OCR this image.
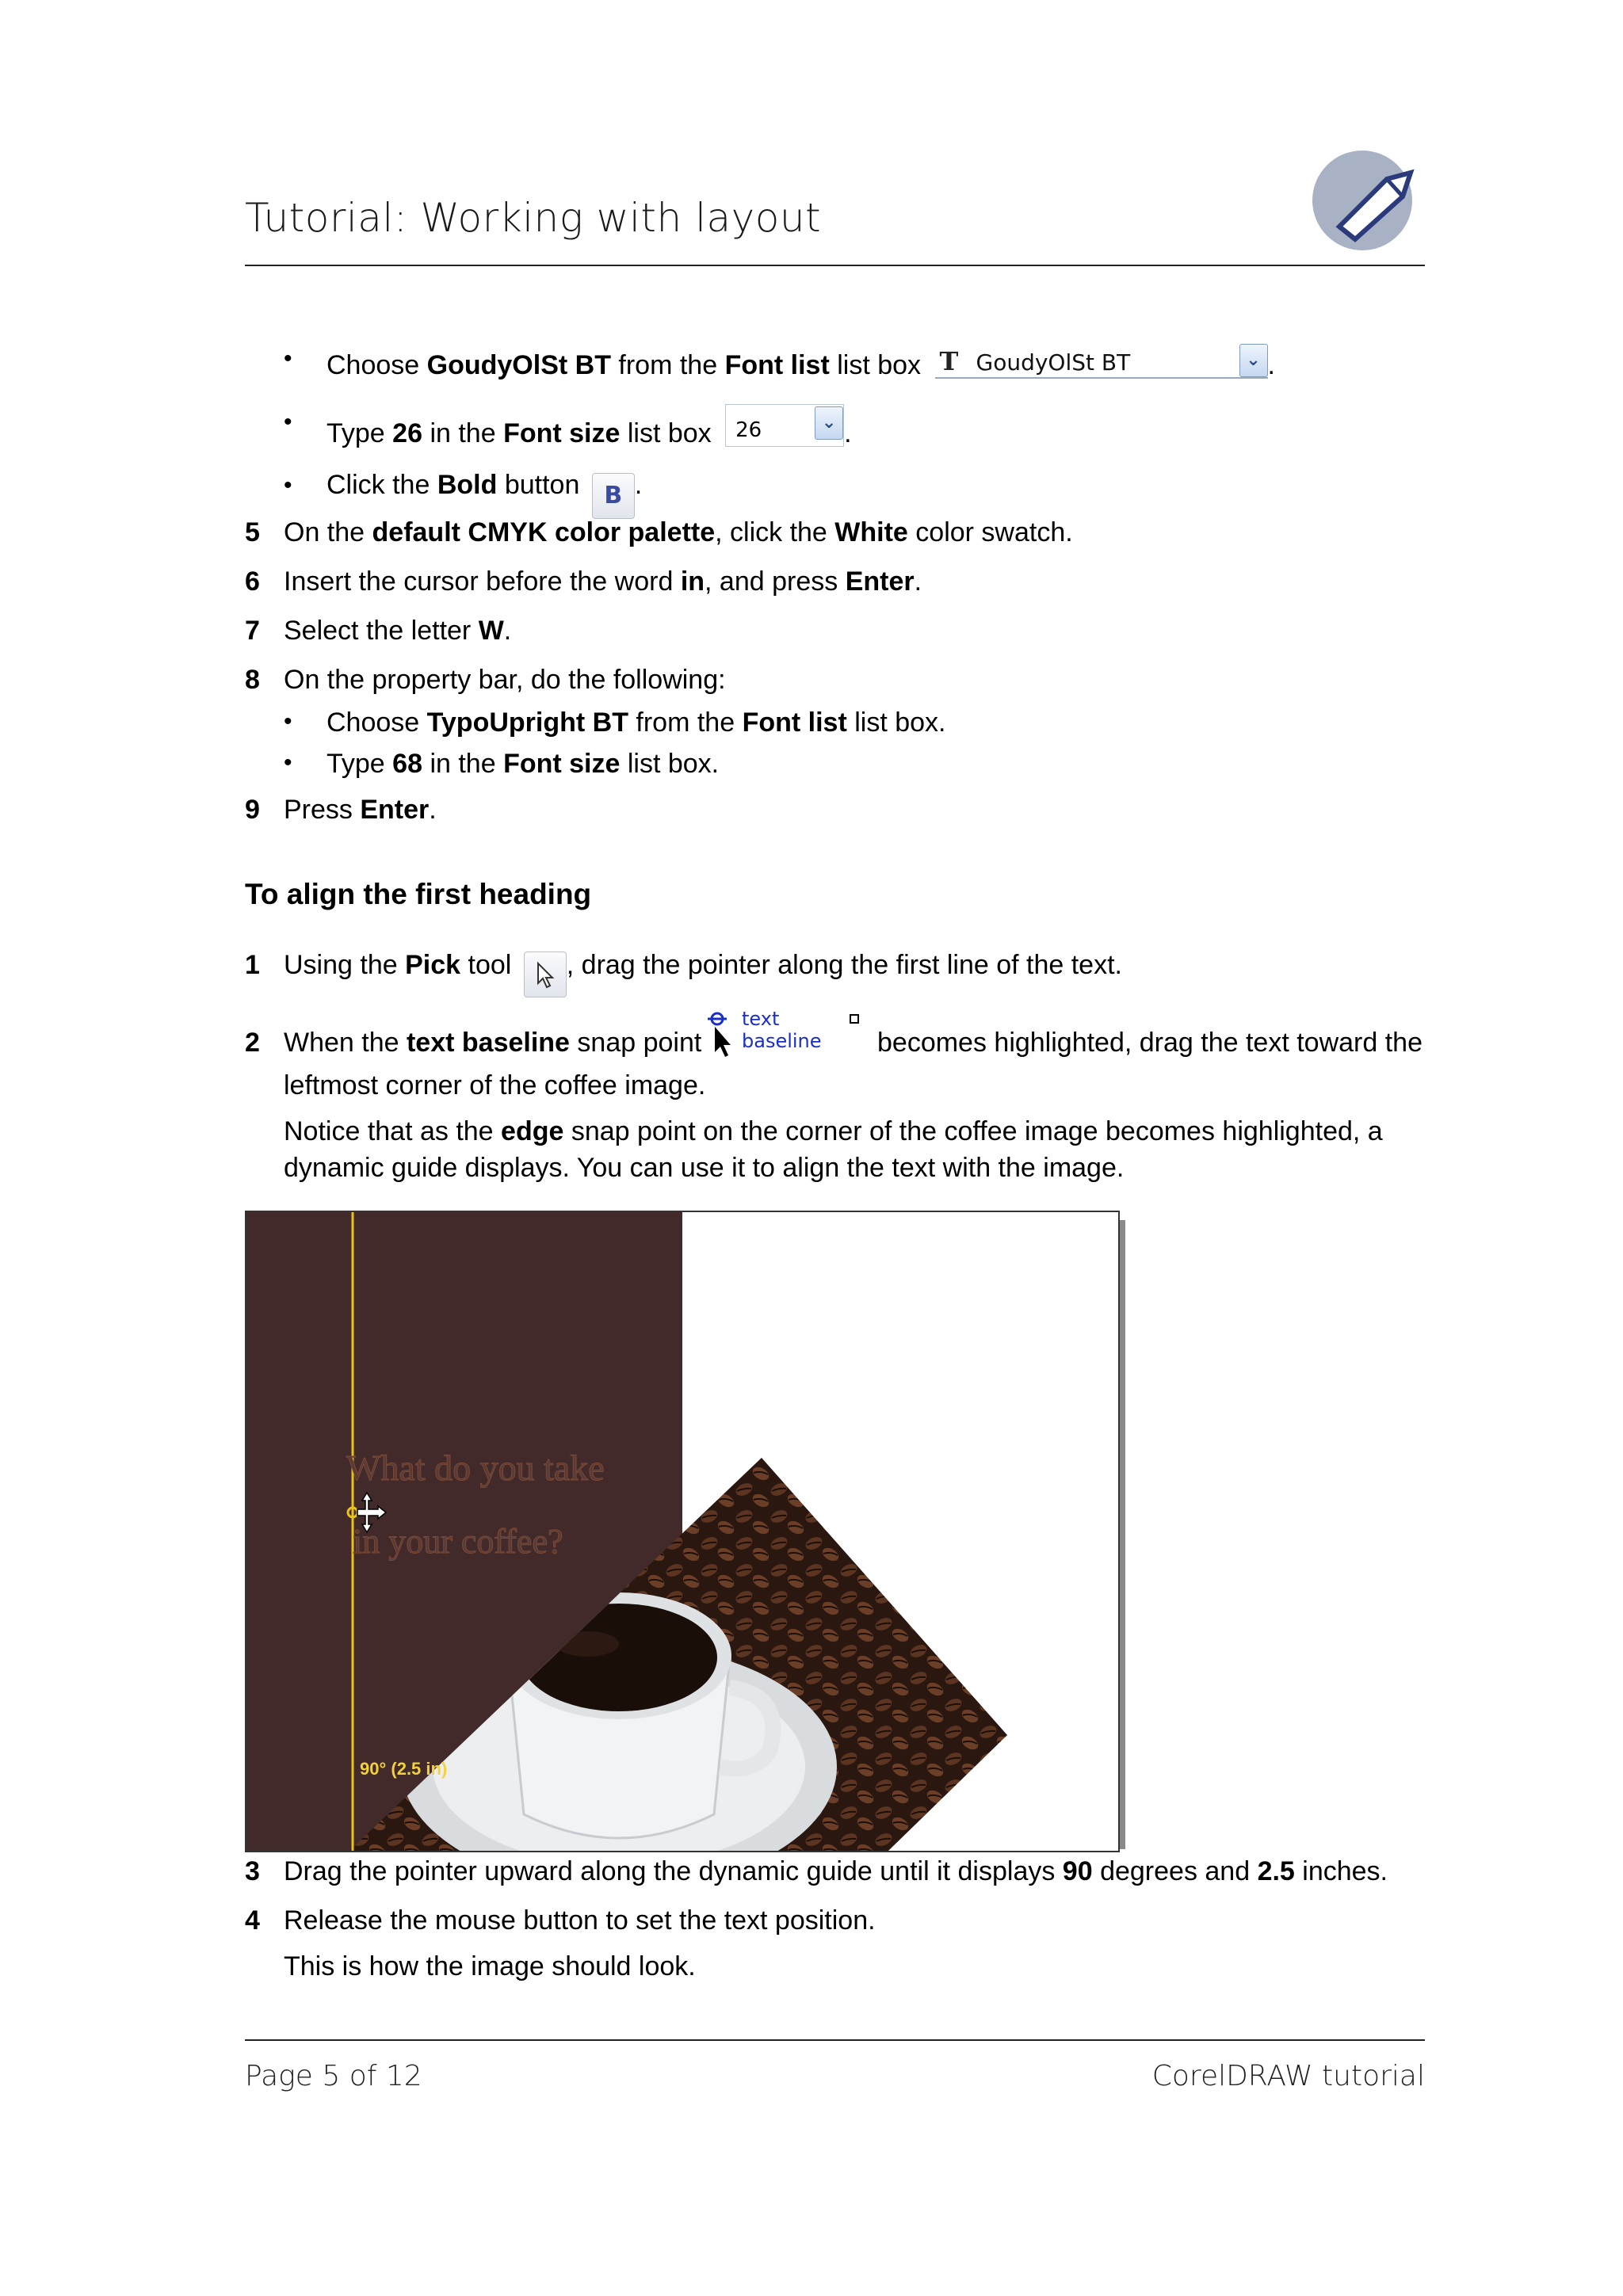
Tutorial: Working with layout
• Choose GoudyOlSt BT from the Font list list box T GoudyOlSt BT	⌄ .
• Type 26 in the Font size list box 26	⌄ .
• Click the Bold button B .
5 On the default CMYK color palette, click the White color swatch.
6 Insert the cursor before the word in, and press Enter.
7 Select the letter W.
8 On the property bar, do the following:
• Choose TypoUpright BT from the Font list list box.
• Type 68 in the Font size list box.
9 Press Enter.
To align the first heading
1 Using the Pick tool , drag the pointer along the first line of the text.
2 When the text baseline snap point
text baseline	becomes highlighted, drag the text toward the
leftmost corner of the coffee image.
Notice that as the edge snap point on the corner of the coffee image becomes highlighted, a
dynamic guide displays. You can use it to align the text with the image.
What do you take
in your coffee?
90° (2.5 in)
3 Drag the pointer upward along the dynamic guide until it displays 90 degrees and 2.5 inches.
4 Release the mouse button to set the text position.
This is how the image should look.
Page 5 of 12	CorelDRAW tutorial
